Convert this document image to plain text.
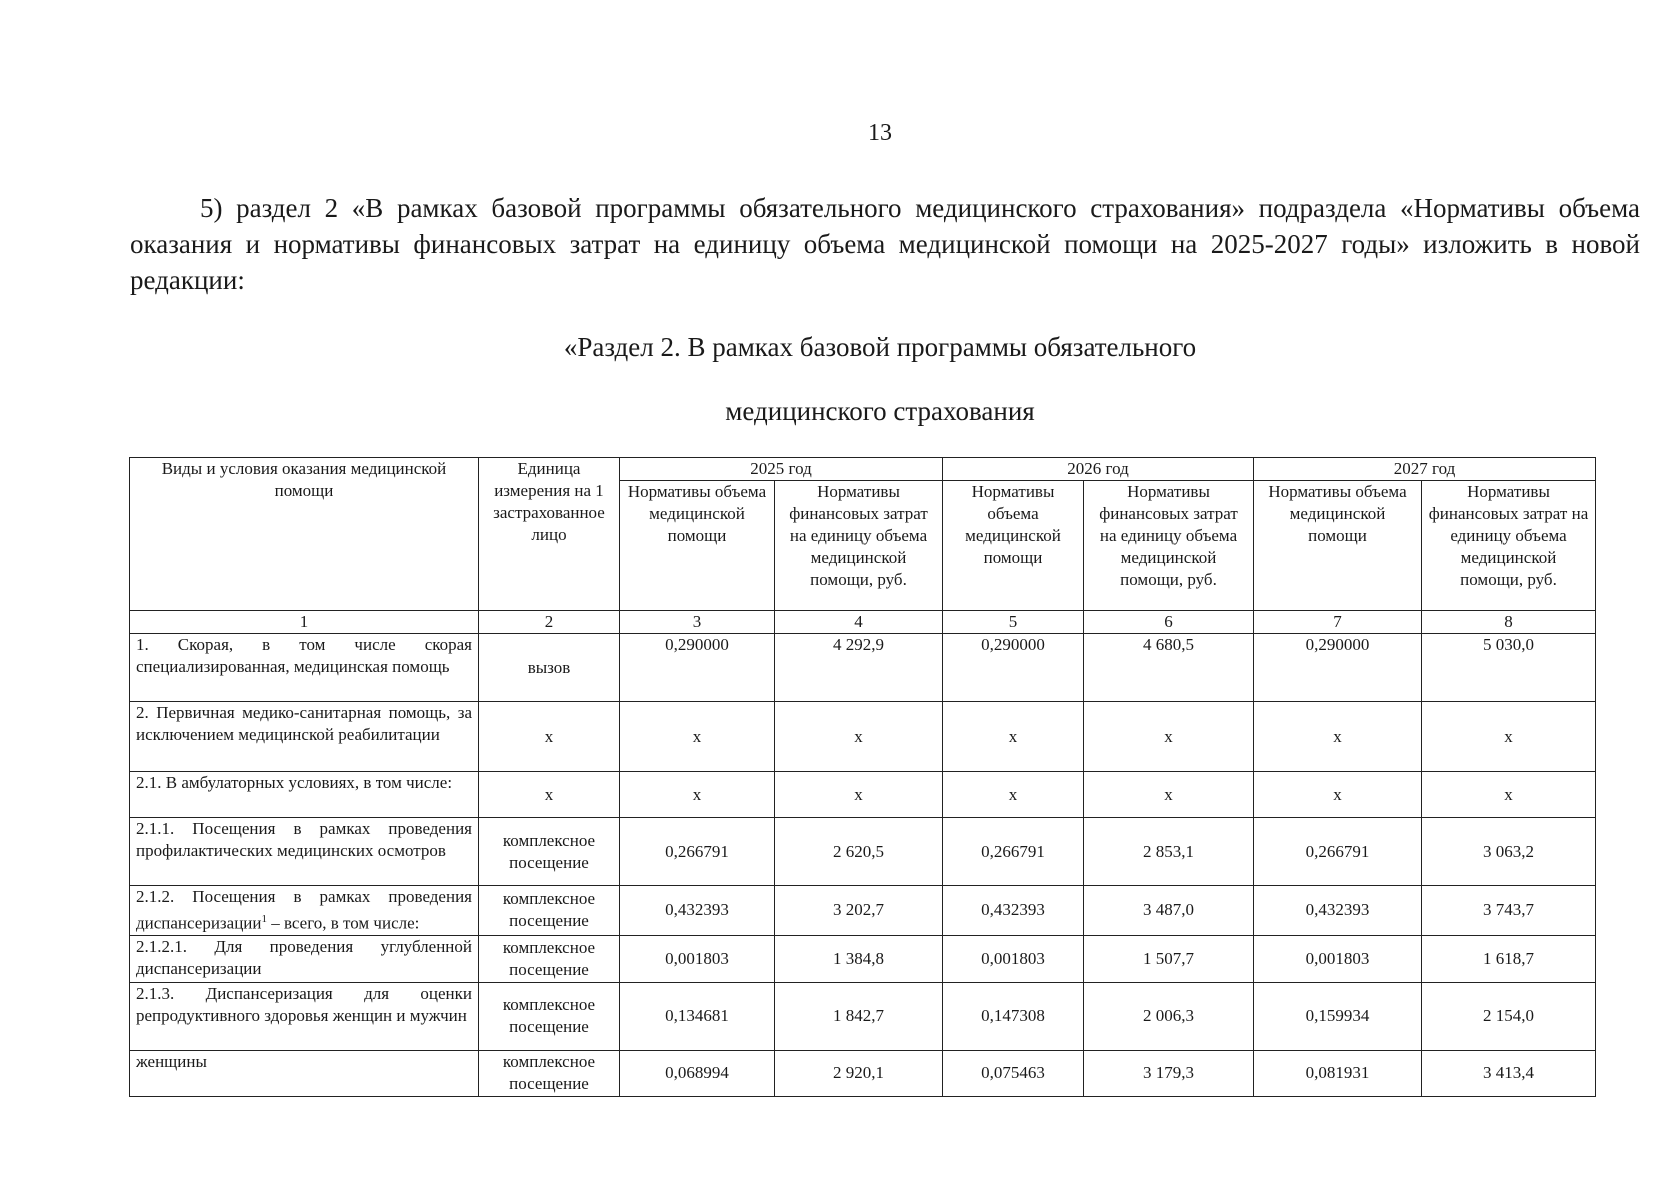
13
5) раздел 2 «В рамках базовой программы обязательного медицинского страхования» подраздела «Нормативы объема оказания и нормативы финансовых затрат на единицу объема медицинской помощи на 2025-2027 годы» изложить в новой редакции:
«Раздел 2. В рамках базовой программы обязательного
медицинского страхования
Виды и условия оказания медицинской помощи	Единица измерения на 1 застрахованное лицо	2025 год		2026 год		2027 год	
		Нормативы объема медицинской помощи	Нормативы финансовых затрат на единицу объема медицинской помощи, руб.	Нормативы объема медицинской помощи	Нормативы финансовых затрат на единицу объема медицинской помощи, руб.	Нормативы объема медицинской помощи	Нормативы финансовых затрат на единицу объема медицинской помощи, руб.
1	2	3	4	5	6	7	8
1. Скорая, в том числе скорая специализированная, медицинская помощь	вызов	0,290000	4 292,9	0,290000	4 680,5	0,290000	5 030,0
2. Первичная медико-санитарная помощь, за исключением медицинской реабилитации	х	х	х	х	х	х	х
2.1. В амбулаторных условиях, в том числе:	х	х	х	х	х	х	х
2.1.1. Посещения в рамках проведения профилактических медицинских осмотров	комплексное посещение	0,266791	2 620,5	0,266791	2 853,1	0,266791	3 063,2
2.1.2. Посещения в рамках проведения диспансеризации$^1$ – всего, в том числе:	комплексное посещение	0,432393	3 202,7	0,432393	3 487,0	0,432393	3 743,7
2.1.2.1. Для проведения углубленной диспансеризации	комплексное посещение	0,001803	1 384,8	0,001803	1 507,7	0,001803	1 618,7
2.1.3. Диспансеризация для оценки репродуктивного здоровья женщин и мужчин	комплексное посещение	0,134681	1 842,7	0,147308	2 006,3	0,159934	2 154,0
женщины	комплексное посещение	0,068994	2 920,1	0,075463	3 179,3	0,081931	3 413,4
